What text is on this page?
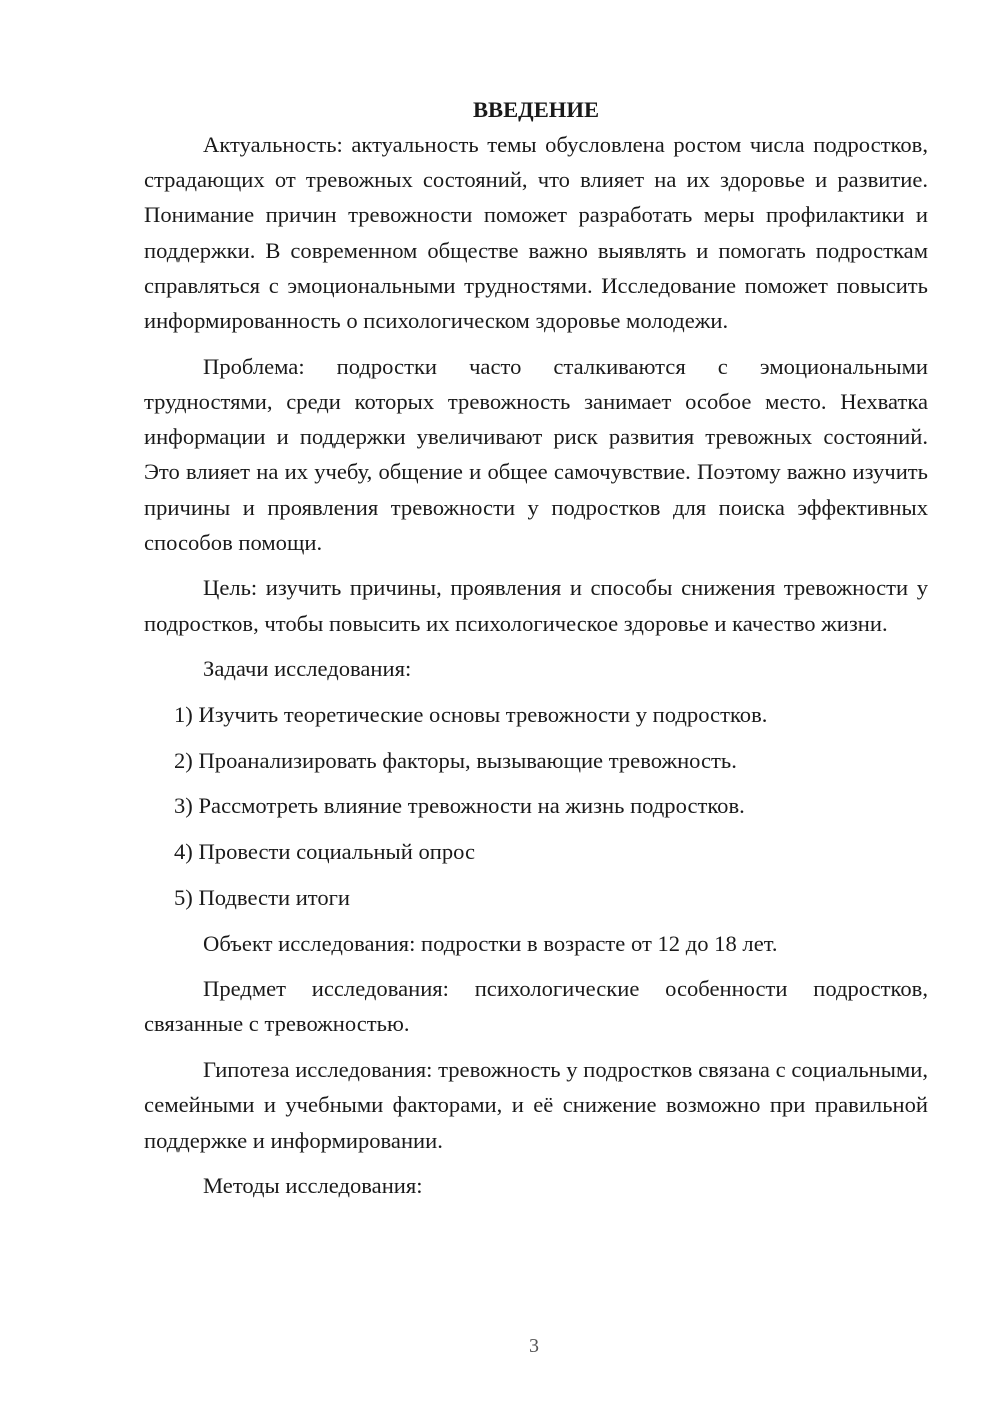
ВВЕДЕНИЕ

Актуальность: актуальность темы обусловлена ростом числа подростков, страдающих от тревожных состояний, что влияет на их здоровье и развитие. Понимание причин тревожности поможет разработать меры профилактики и поддержки. В современном обществе важно выявлять и помогать подросткам справляться с эмоциональными трудностями. Исследование поможет повысить информированность о психологическом здоровье молодежи.

Проблема: подростки часто сталкиваются с эмоциональными трудностями, среди которых тревожность занимает особое место. Нехватка информации и поддержки увеличивают риск развития тревожных состояний. Это влияет на их учебу, общение и общее самочувствие. Поэтому важно изучить причины и проявления тревожности у подростков для поиска эффективных способов помощи.

Цель: изучить причины, проявления и способы снижения тревожности у подростков, чтобы повысить их психологическое здоровье и качество жизни.

Задачи исследования:

1) Изучить теоретические основы тревожности у подростков.

2) Проанализировать факторы, вызывающие тревожность.

3) Рассмотреть влияние тревожности на жизнь подростков.

4) Провести социальный опрос

5) Подвести итоги

Объект исследования: подростки в возрасте от 12 до 18 лет.

Предмет исследования: психологические особенности подростков, связанные с тревожностью.

Гипотеза исследования: тревожность у подростков связана с социальными, семейными и учебными факторами, и её снижение возможно при правильной поддержке и информировании.

Методы исследования:

3
